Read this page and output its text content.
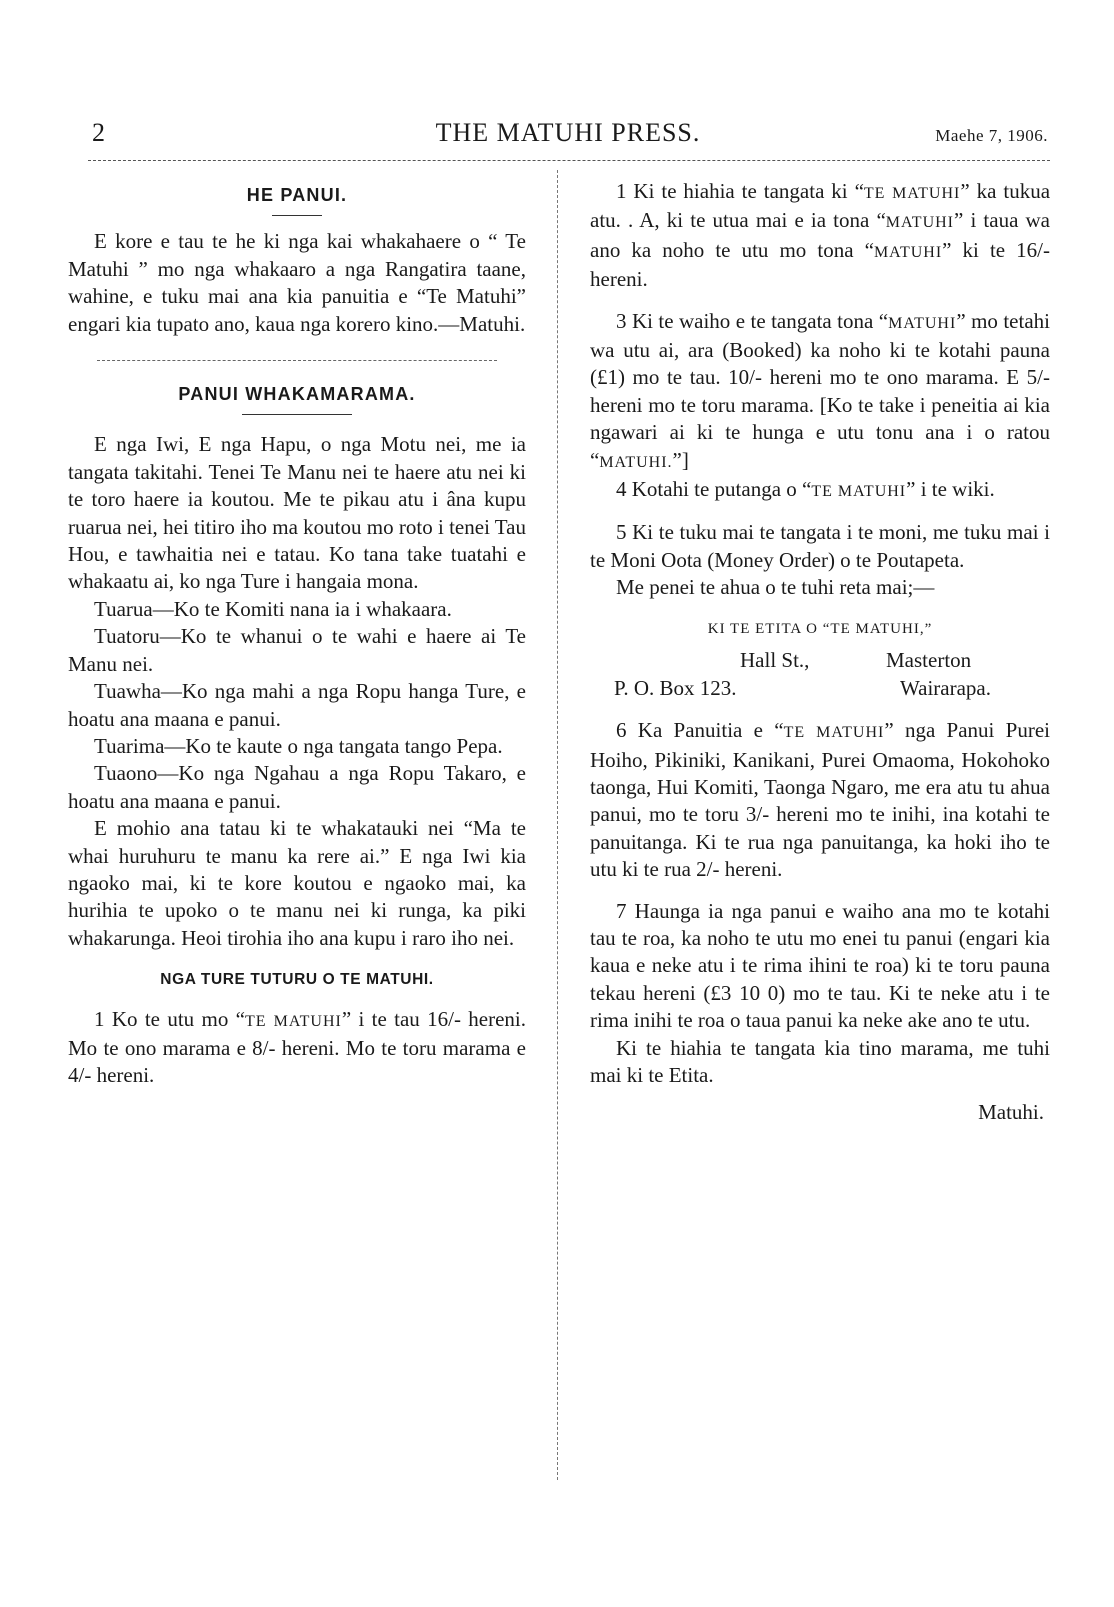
2	THE MATUHI PRESS.	Maehe 7, 1906.
HE PANUI.

E kore e tau te he ki nga kai whakahaere o “ Te Matuhi ” mo nga whakaaro a nga Rangatira taane, wahine, e tuku mai ana kia panuitia e “Te Matuhi” engari kia tupato ano, kaua nga korero kino.—Matuhi.

PANUI WHAKAMARAMA.

E nga Iwi, E nga Hapu, o nga Motu nei, me ia tangata takitahi. Tenei Te Manu nei te haere atu nei ki te toro haere ia koutou. Me te pikau atu i âna kupu ruarua nei, hei titiro iho ma koutou mo roto i tenei Tau Hou, e tawhaitia nei e tatau. Ko tana take tuatahi e whakaatu ai, ko nga Ture i hangaia mona.

Tuarua—Ko te Komiti nana ia i whakaara.

Tuatoru—Ko te whanui o te wahi e haere ai Te Manu nei.

Tuawha—Ko nga mahi a nga Ropu hanga Ture, e hoatu ana maana e panui.

Tuarima—Ko te kaute o nga tangata tango Pepa.

Tuaono—Ko nga Ngahau a nga Ropu Takaro, e hoatu ana maana e panui.

E mohio ana tatau ki te whakatauki nei “Ma te whai huruhuru te manu ka rere ai.” E nga Iwi kia ngaoko mai, ki te kore koutou e ngaoko mai, ka hurihia te upoko o te manu nei ki runga, ka piki whakarunga. Heoi tirohia iho ana kupu i raro iho nei.

NGA TURE TUTURU O TE MATUHI.

1 Ko te utu mo “TE MATUHI” i te tau 16/- hereni. Mo te ono marama e 8/- hereni. Mo te toru marama e 4/- hereni.

1 Ki te hiahia te tangata ki “TE MATUHI” ka tukua atu. . A, ki te utua mai e ia tona “MATUHI” i taua wa ano ka noho te utu mo tona “MATUHI” ki te 16/- hereni.

3 Ki te waiho e te tangata tona “MATUHI” mo tetahi wa utu ai, ara (Booked) ka noho ki te kotahi pauna (£1) mo te tau. 10/- hereni mo te ono marama. E 5/- hereni mo te toru marama. [Ko te take i peneitia ai kia ngawari ai ki te hunga e utu tonu ana i o ratou “MATUHI.”]

4 Kotahi te putanga o “TE MATUHI” i te wiki.

5 Ki te tuku mai te tangata i te moni, me tuku mai i te Moni Oota (Money Order) o te Poutapeta.

Me penei te ahua o te tuhi reta mai;—

KI TE ETITA O “TE MATUHI,”
Hall St.,	Masterton
P. O. Box 123.	Wairarapa.

6 Ka Panuitia e “TE MATUHI” nga Panui Purei Hoiho, Pikiniki, Kanikani, Purei Omaoma, Hokohoko taonga, Hui Komiti, Taonga Ngaro, me era atu tu ahua panui, mo te toru 3/- hereni mo te inihi, ina kotahi te panuitanga. Ki te rua nga panuitanga, ka hoki iho te utu ki te rua 2/- hereni.

7 Haunga ia nga panui e waiho ana mo te kotahi tau te roa, ka noho te utu mo enei tu panui (engari kia kaua e neke atu i te rima ihini te roa) ki te toru pauna tekau hereni (£3 10 0) mo te tau. Ki te neke atu i te rima inihi te roa o taua panui ka neke ake ano te utu.

Ki te hiahia te tangata kia tino marama, me tuhi mai ki te Etita.

Matuhi.
